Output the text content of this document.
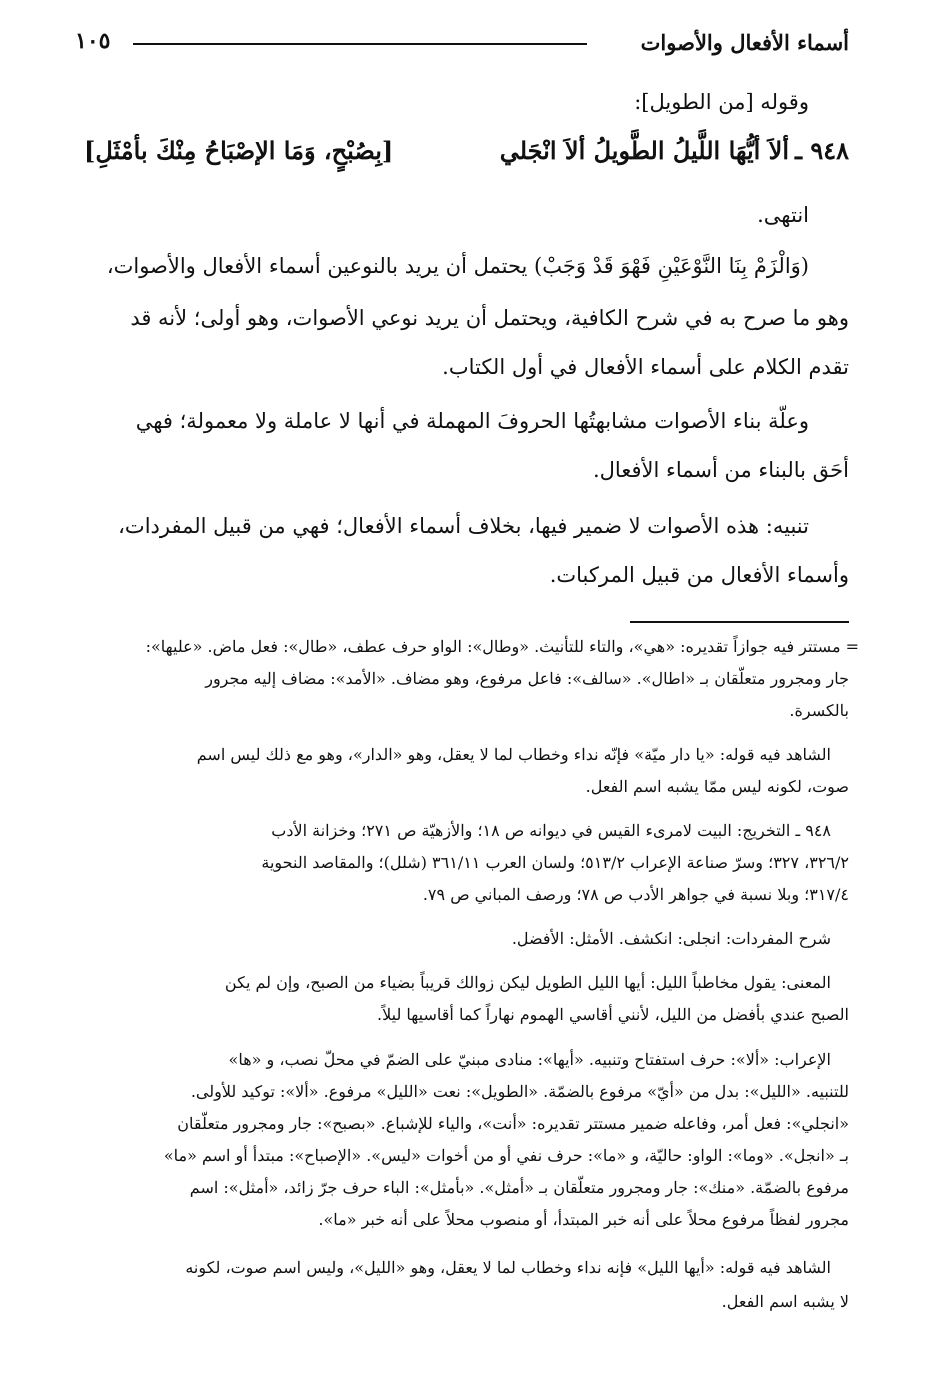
أسماء الأفعال والأصوات
١٠٥
وقوله [من الطويل]:
٩٤٨ ـ
ألاَ أيُّهَا اللَّيلُ الطَّويلُ ألاَ انْجَلي
[بِصُبْحٍ، وَمَا الإصْبَاحُ مِنْكَ بأمْثَلِ]
انتهى.
(وَالْزَمْ بِنَا النَّوْعَيْنِ فَهْوَ قَدْ وَجَبْ) يحتمل أن يريد بالنوعين أسماء الأفعال والأصوات،
وهو ما صرح به في شرح الكافية، ويحتمل أن يريد نوعي الأصوات، وهو أولى؛ لأنه قد
تقدم الكلام على أسماء الأفعال في أول الكتاب.
وعلّة بناء الأصوات مشابهتُها الحروفَ المهملة في أنها لا عاملة ولا معمولة؛ فهي
أحَق بالبناء من أسماء الأفعال.
تنبيه: هذه الأصوات لا ضمير فيها، بخلاف أسماء الأفعال؛ فهي من قبيل المفردات،
وأسماء الأفعال من قبيل المركبات.
= مستتر فيه جوازاً تقديره: «هي»، والتاء للتأنيث. «وطال»: الواو حرف عطف، «طال»: فعل ماض. «عليها»:
جار ومجرور متعلّقان بـ «اطال». «سالف»: فاعل مرفوع، وهو مضاف. «الأمد»: مضاف إليه مجرور
بالكسرة.
الشاهد فيه قوله: «يا دار ميّة» فإنّه نداء وخطاب لما لا يعقل، وهو «الدار»، وهو مع ذلك ليس اسم
صوت، لكونه ليس ممّا يشبه اسم الفعل.
٩٤٨ ـ التخريج: البيت لامرىء القيس في ديوانه ص ١٨؛ والأزهيّة ص ٢٧١؛ وخزانة الأدب
٣٢٦/٢، ٣٢٧؛ وسرّ صناعة الإعراب ٥١٣/٢؛ ولسان العرب ٣٦١/١١ (شلل)؛ والمقاصد النحوية
٣١٧/٤؛ وبلا نسبة في جواهر الأدب ص ٧٨؛ ورصف المباني ص ٧٩.
شرح المفردات: انجلى: انكشف. الأمثل: الأفضل.
المعنى: يقول مخاطباً الليل: أيها الليل الطويل ليكن زوالك قريباً بضياء من الصبح، وإن لم يكن
الصبح عندي بأفضل من الليل، لأنني أقاسي الهموم نهاراً كما أقاسيها ليلاً.
الإعراب: «ألا»: حرف استفتاح وتنبيه. «أيها»: منادى مبنيّ على الضمّ في محلّ نصب، و «ها»
للتنبيه. «الليل»: بدل من «أيّ» مرفوع بالضمّة. «الطويل»: نعت «الليل» مرفوع. «ألا»: توكيد للأولى.
«انجلي»: فعل أمر، وفاعله ضمير مستتر تقديره: «أنت»، والياء للإشباع. «بصبح»: جار ومجرور متعلّقان
بـ «انجل». «وما»: الواو: حاليّة، و «ما»: حرف نفي أو من أخوات «ليس». «الإصباح»: مبتدأ أو اسم «ما»
مرفوع بالضمّة. «منك»: جار ومجرور متعلّقان بـ «أمثل». «بأمثل»: الباء حرف جرّ زائد، «أمثل»: اسم
مجرور لفظاً مرفوع محلاً على أنه خبر المبتدأ، أو منصوب محلاً على أنه خبر «ما».
الشاهد فيه قوله: «أيها الليل» فإنه نداء وخطاب لما لا يعقل، وهو «الليل»، وليس اسم صوت، لكونه
لا يشبه اسم الفعل.
